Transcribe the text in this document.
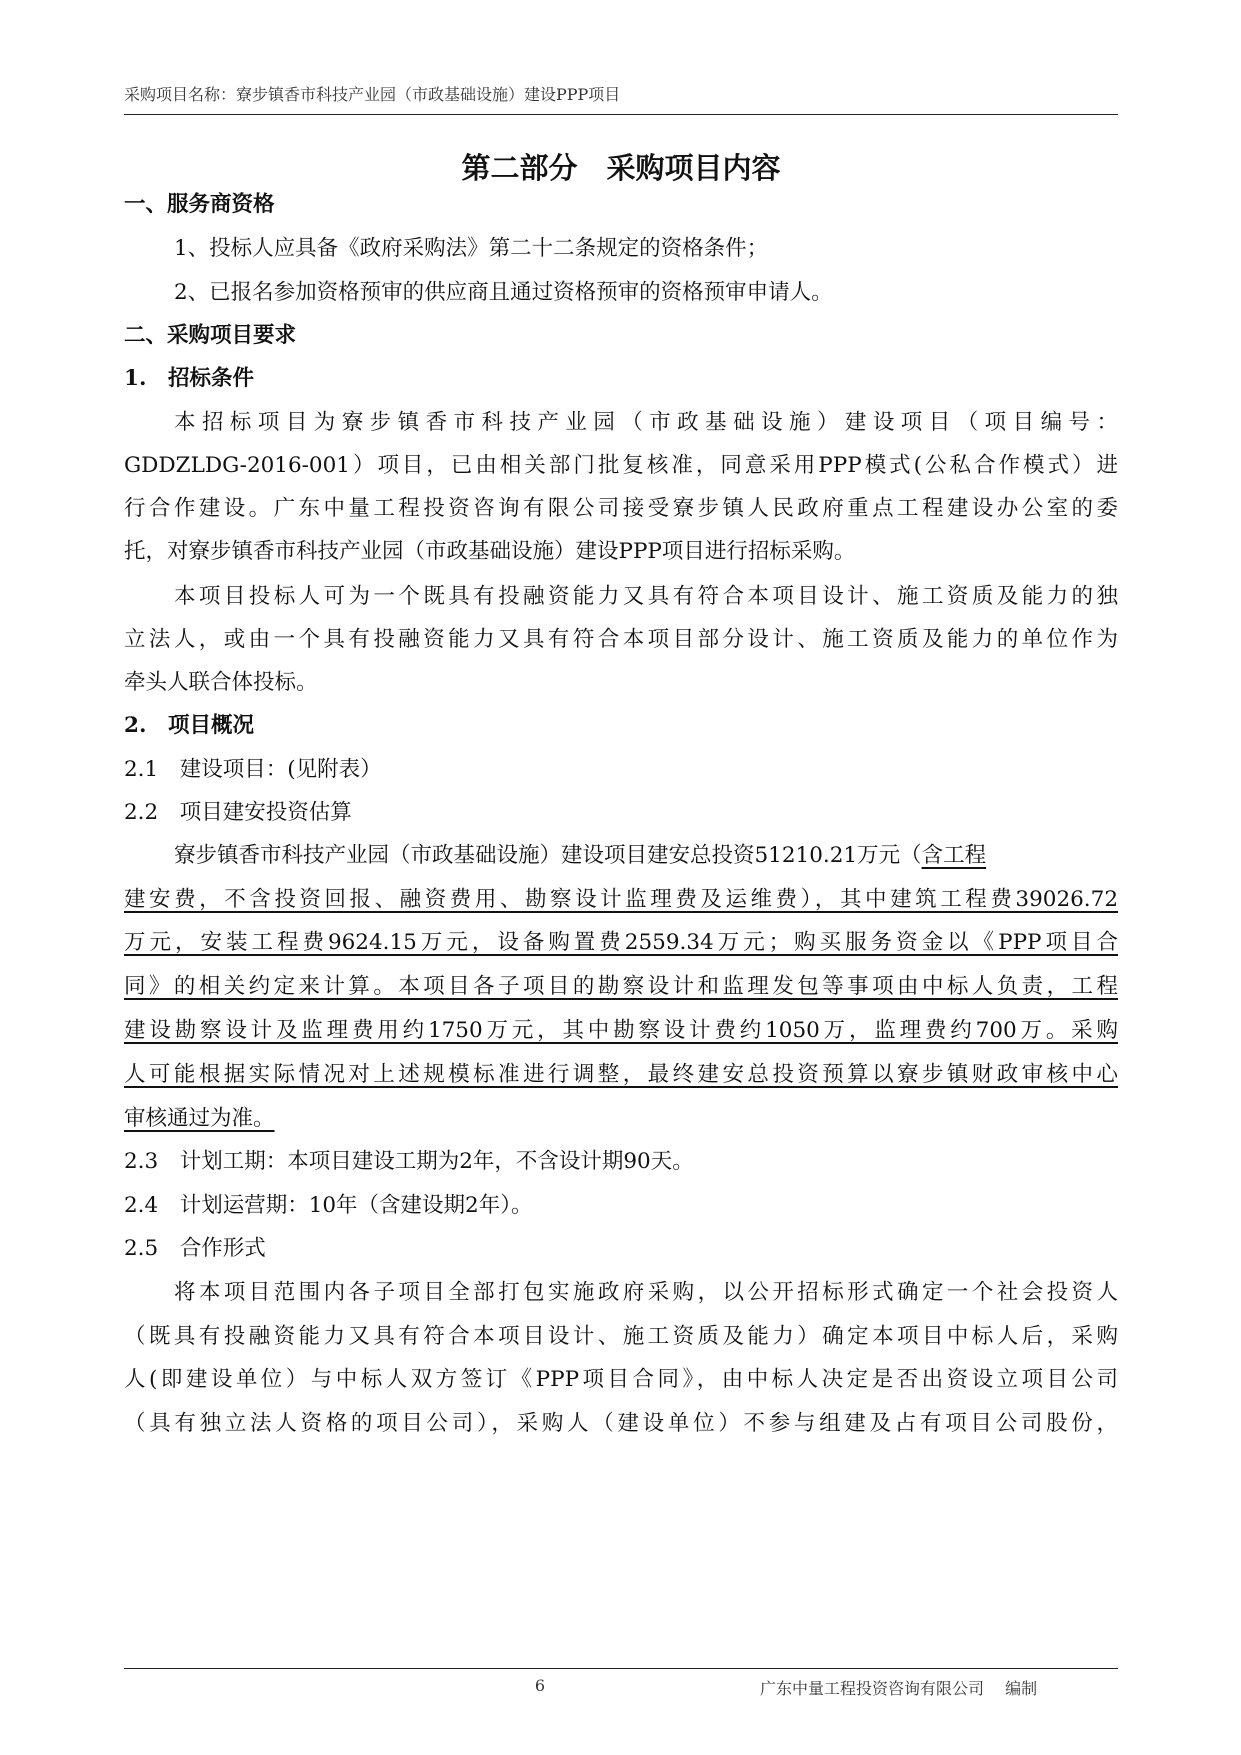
采购项目名称：寮步镇香市科技产业园（市政基础设施）建设PPP项目
第二部分　采购项目内容
一、服务商资格
1、投标人应具备《政府采购法》第二十二条规定的资格条件；
2、已报名参加资格预审的供应商且通过资格预审的资格预审申请人。
二、采购项目要求
1.　招标条件
本招标项目为寮步镇香市科技产业园（市政基础设施）建设项目（项目编号：
GDDZLDG-2016-001）项目，已由相关部门批复核准，同意采用PPP模式(公私合作模式）进
行合作建设。广东中量工程投资咨询有限公司接受寮步镇人民政府重点工程建设办公室的委
托，对寮步镇香市科技产业园（市政基础设施）建设PPP项目进行招标采购。
本项目投标人可为一个既具有投融资能力又具有符合本项目设计、施工资质及能力的独
立法人，或由一个具有投融资能力又具有符合本项目部分设计、施工资质及能力的单位作为
牵头人联合体投标。
2.　项目概况
2.1　建设项目：(见附表）
2.2　项目建安投资估算
寮步镇香市科技产业园（市政基础设施）建设项目建安总投资51210.21万元（含工程
建安费，不含投资回报、融资费用、勘察设计监理费及运维费），其中建筑工程费39026.72
万元，安装工程费9624.15万元，设备购置费2559.34万元；购买服务资金以《PPP项目合
同》的相关约定来计算。本项目各子项目的勘察设计和监理发包等事项由中标人负责，工程
建设勘察设计及监理费用约1750万元，其中勘察设计费约1050万，监理费约700万。采购
人可能根据实际情况对上述规模标准进行调整，最终建安总投资预算以寮步镇财政审核中心
审核通过为准。
2.3　计划工期：本项目建设工期为2年，不含设计期90天。
2.4　计划运营期：10年（含建设期2年）。
2.5　合作形式
将本项目范围内各子项目全部打包实施政府采购，以公开招标形式确定一个社会投资人
（既具有投融资能力又具有符合本项目设计、施工资质及能力）确定本项目中标人后，采购
人(即建设单位）与中标人双方签订《PPP项目合同》，由中标人决定是否出资设立项目公司
（具有独立法人资格的项目公司），采购人（建设单位）不参与组建及占有项目公司股份，
6	广东中量工程投资咨询有限公司　 编制
